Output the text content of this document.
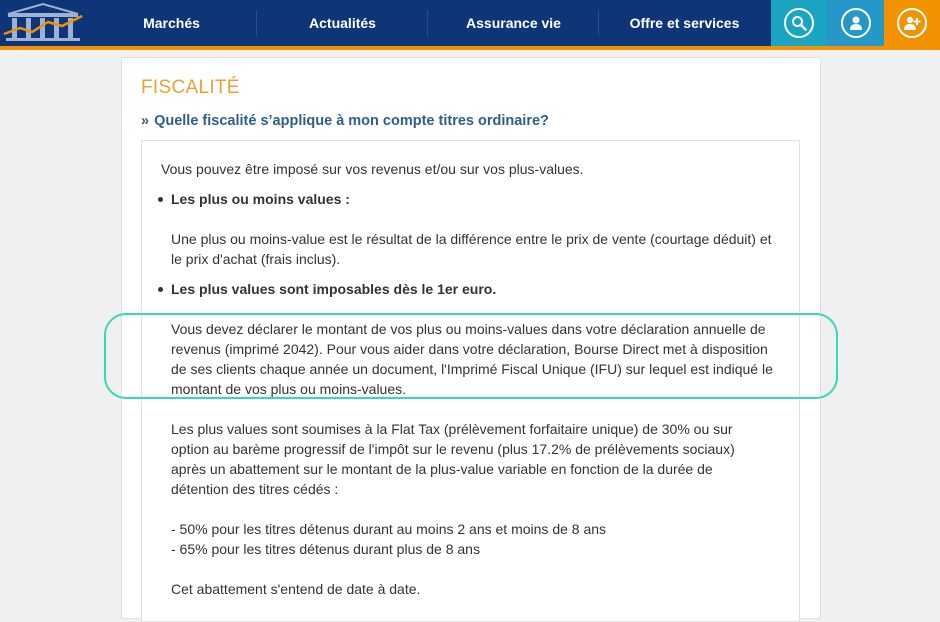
Marchés	Actualités	Assurance vie	Offre et services
FISCALITÉ
» Quelle fiscalité s’applique à mon compte titres ordinaire?
Vous pouvez être imposé sur vos revenus et/ou sur vos plus-values.
Les plus ou moins values :
Une plus ou moins-value est le résultat de la différence entre le prix de vente (courtage déduit) et
le prix d'achat (frais inclus).
Les plus values sont imposables dès le 1er euro.
Vous devez déclarer le montant de vos plus ou moins-values dans votre déclaration annuelle de
revenus (imprimé 2042). Pour vous aider dans votre déclaration, Bourse Direct met à disposition
de ses clients chaque année un document, l'Imprimé Fiscal Unique (IFU) sur lequel est indiqué le
montant de vos plus ou moins-values.
Les plus values sont soumises à la Flat Tax (prélèvement forfaitaire unique) de 30% ou sur
option au barème progressif de l'impôt sur le revenu (plus 17.2% de prélèvements sociaux)
après un abattement sur le montant de la plus-value variable en fonction de la durée de
détention des titres cédés :
- 50% pour les titres détenus durant au moins 2 ans et moins de 8 ans
- 65% pour les titres détenus durant plus de 8 ans
Cet abattement s'entend de date à date.
